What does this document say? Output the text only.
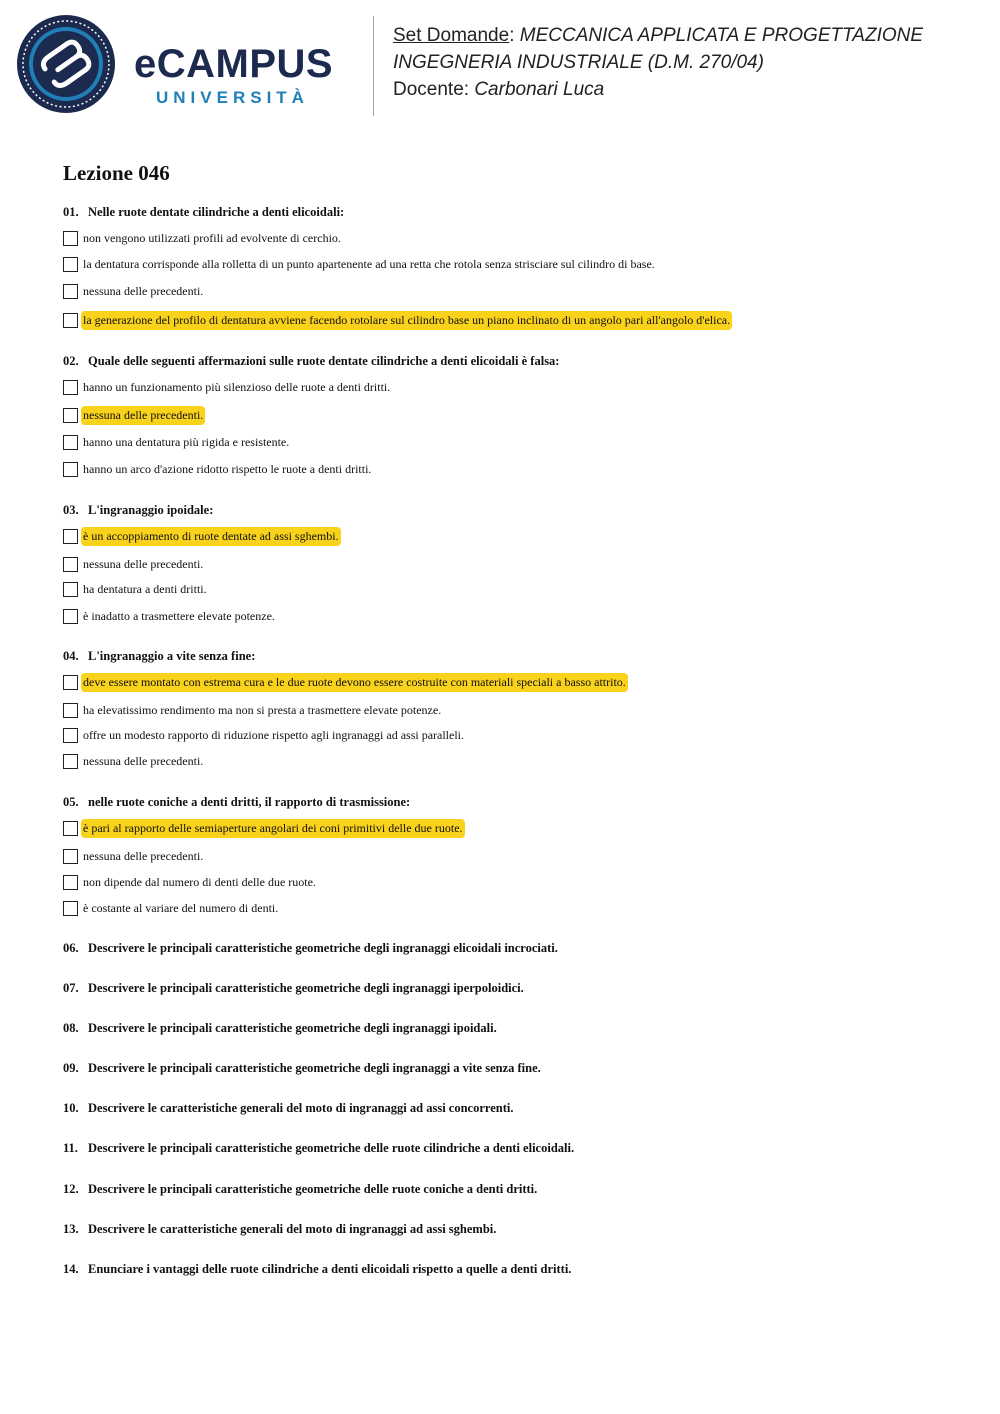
eCAMPUS
UNIVERSITÀ
Set Domande: MECCANICA APPLICATA E PROGETTAZIONE
INGEGNERIA INDUSTRIALE (D.M. 270/04)
Docente: Carbonari Luca
Lezione 046
01. Nelle ruote dentate cilindriche a denti elicoidali:
non vengono utilizzati profili ad evolvente di cerchio.
la dentatura corrisponde alla rolletta di un punto apartenente ad una retta che rotola senza strisciare sul cilindro di base.
nessuna delle precedenti.
la generazione del profilo di dentatura avviene facendo rotolare sul cilindro base un piano inclinato di un angolo pari all'angolo d'elica.
02. Quale delle seguenti affermazioni sulle ruote dentate cilindriche a denti elicoidali è falsa:
hanno un funzionamento più silenzioso delle ruote a denti dritti.
nessuna delle precedenti.
hanno una dentatura più rigida e resistente.
hanno un arco d'azione ridotto rispetto le ruote a denti dritti.
03. L'ingranaggio ipoidale:
è un accoppiamento di ruote dentate ad assi sghembi.
nessuna delle precedenti.
ha dentatura a denti dritti.
è inadatto a trasmettere elevate potenze.
04. L'ingranaggio a vite senza fine:
deve essere montato con estrema cura e le due ruote devono essere costruite con materiali speciali a basso attrito.
ha elevatissimo rendimento ma non si presta a trasmettere elevate potenze.
offre un modesto rapporto di riduzione rispetto agli ingranaggi ad assi paralleli.
nessuna delle precedenti.
05. nelle ruote coniche a denti dritti, il rapporto di trasmissione:
è pari al rapporto delle semiaperture angolari dei coni primitivi delle due ruote.
nessuna delle precedenti.
non dipende dal numero di denti delle due ruote.
è costante al variare del numero di denti.
06. Descrivere le principali caratteristiche geometriche degli ingranaggi elicoidali incrociati.
07. Descrivere le principali caratteristiche geometriche degli ingranaggi iperpoloidici.
08. Descrivere le principali caratteristiche geometriche degli ingranaggi ipoidali.
09. Descrivere le principali caratteristiche geometriche degli ingranaggi a vite senza fine.
10. Descrivere le caratteristiche generali del moto di ingranaggi ad assi concorrenti.
11. Descrivere le principali caratteristiche geometriche delle ruote cilindriche a denti elicoidali.
12. Descrivere le principali caratteristiche geometriche delle ruote coniche a denti dritti.
13. Descrivere le caratteristiche generali del moto di ingranaggi ad assi sghembi.
14. Enunciare i vantaggi delle ruote cilindriche a denti elicoidali rispetto a quelle a denti dritti.
